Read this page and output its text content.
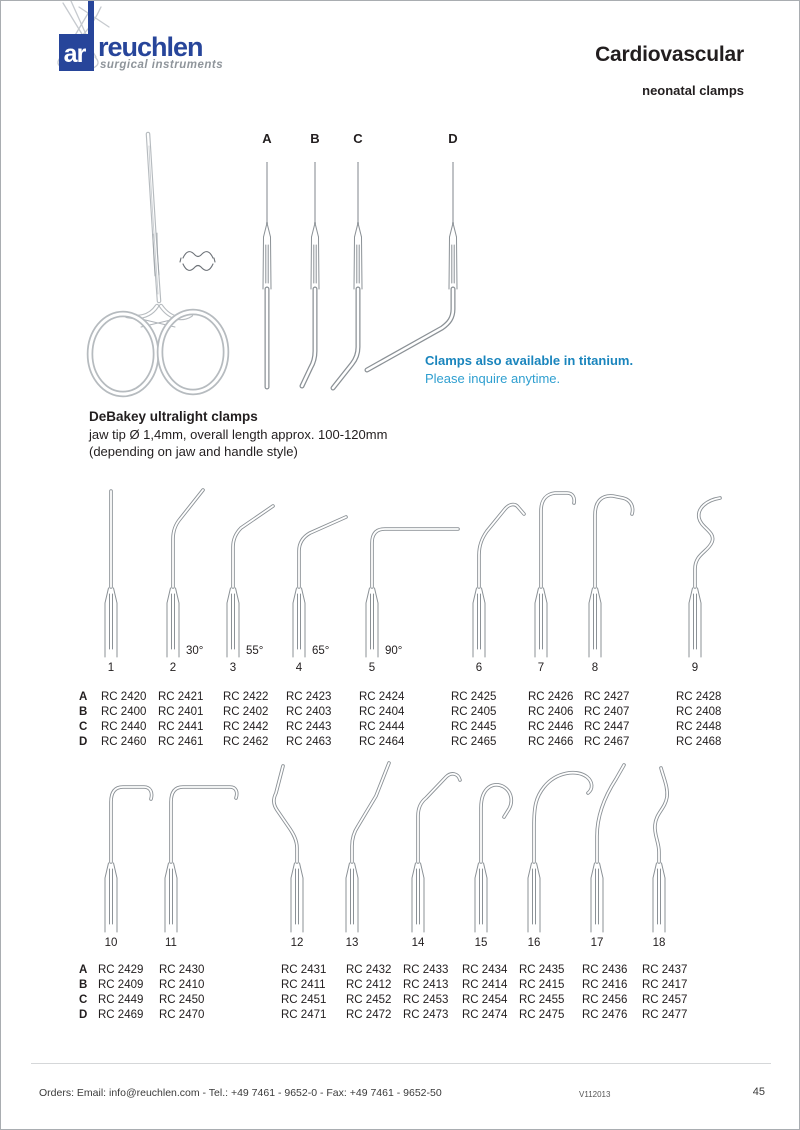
ar reuchlen
surgical instruments	Cardiovascular
neonatal clamps
Clamps also available in titanium.
Please inquire anytime.
DeBakey ultralight clamps
jaw tip Ø 1,4mm, overall length approx. 100-120mm
(depending on jaw and handle style)
Orders: Email: info@reuchlen.com - Tel.: +49 7461 - 9652-0 - Fax: +49 7461 - 9652-50	V112013	45
A	B	C	D
1	2
30°
3
55°
4
65°
5
90°
6	7	8	9
A RC 2420 RC 2421 RC 2422 RC 2423 RC 2424	RC 2425	RC 2426 RC 2427	RC 2428
B RC 2400 RC 2401 RC 2402 RC 2403 RC 2404	RC 2405	RC 2406 RC 2407	RC 2408
C RC 2440 RC 2441 RC 2442 RC 2443 RC 2444	RC 2445	RC 2446 RC 2447	RC 2448
D RC 2460 RC 2461 RC 2462 RC 2463 RC 2464	RC 2465	RC 2466 RC 2467	RC 2468
10	11	12	13	14	15	16	17	18
A RC 2429 RC 2430	RC 2431 RC 2432 RC 2433 RC 2434 RC 2435 RC 2436 RC 2437
B RC 2409 RC 2410	RC 2411 RC 2412 RC 2413 RC 2414 RC 2415 RC 2416 RC 2417
C RC 2449 RC 2450	RC 2451 RC 2452 RC 2453 RC 2454 RC 2455 RC 2456 RC 2457
D RC 2469 RC 2470	RC 2471 RC 2472 RC 2473 RC 2474 RC 2475 RC 2476 RC 2477
